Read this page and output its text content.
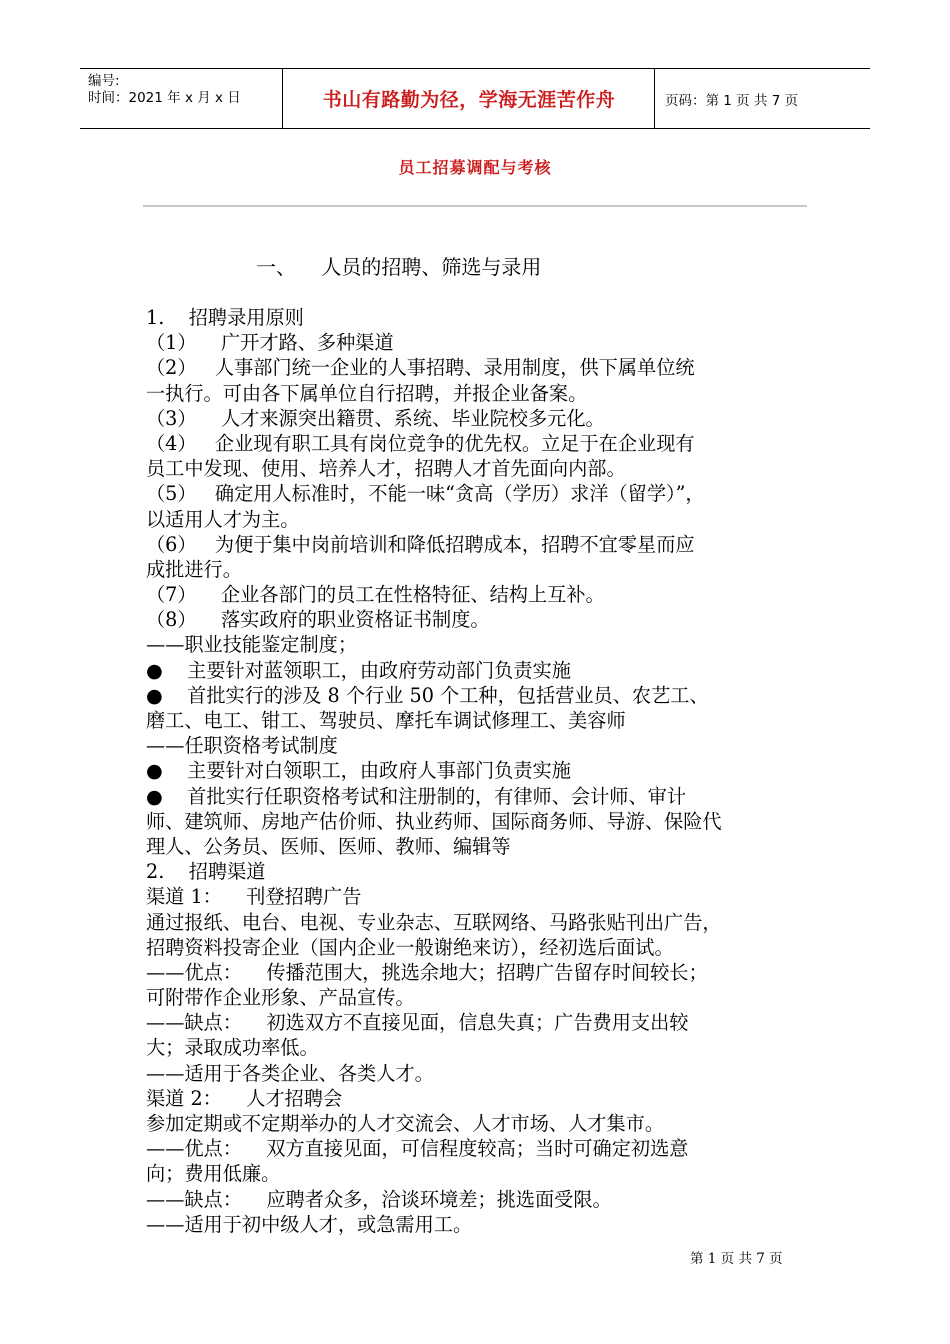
编号:
时间：2021 年 x 月 x 日	书山有路勤为径，学海无涯苦作舟	页码：第 1 页 共 7 页
员工招募调配与考核
一、    人员的招聘、筛选与录用
1.    招聘录用原则
（1）    广开才路、多种渠道
（2）   人事部门统一企业的人事招聘、录用制度，供下属单位统
一执行。可由各下属单位自行招聘，并报企业备案。
（3）    人才来源突出籍贯、系统、毕业院校多元化。
（4）   企业现有职工具有岗位竞争的优先权。立足于在企业现有
员工中发现、使用、培养人才，招聘人才首先面向内部。
（5）   确定用人标准时，不能一味“贪高（学历）求洋（留学）”，
以适用人才为主。
（6）   为便于集中岗前培训和降低招聘成本，招聘不宜零星而应
成批进行。
（7）    企业各部门的员工在性格特征、结构上互补。
（8）    落实政府的职业资格证书制度。
——职业技能鉴定制度；
●    主要针对蓝领职工，由政府劳动部门负责实施
●    首批实行的涉及 8 个行业 50 个工种，包括营业员、农艺工、
磨工、电工、钳工、驾驶员、摩托车调试修理工、美容师
——任职资格考试制度
●    主要针对白领职工，由政府人事部门负责实施
●    首批实行任职资格考试和注册制的，有律师、会计师、审计
师、建筑师、房地产估价师、执业药师、国际商务师、导游、保险代
理人、公务员、医师、医师、教师、编辑等
2.    招聘渠道
渠道 1：    刊登招聘广告
通过报纸、电台、电视、专业杂志、互联网络、马路张贴刊出广告，
招聘资料投寄企业（国内企业一般谢绝来访），经初选后面试。
——优点：    传播范围大，挑选余地大；招聘广告留存时间较长；
可附带作企业形象、产品宣传。
——缺点：    初选双方不直接见面，信息失真；广告费用支出较
大；录取成功率低。
——适用于各类企业、各类人才。
渠道 2：    人才招聘会
参加定期或不定期举办的人才交流会、人才市场、人才集市。
——优点：    双方直接见面，可信程度较高；当时可确定初选意
向；费用低廉。
——缺点：    应聘者众多，洽谈环境差；挑选面受限。
——适用于初中级人才，或急需用工。
第 1 页 共 7 页
